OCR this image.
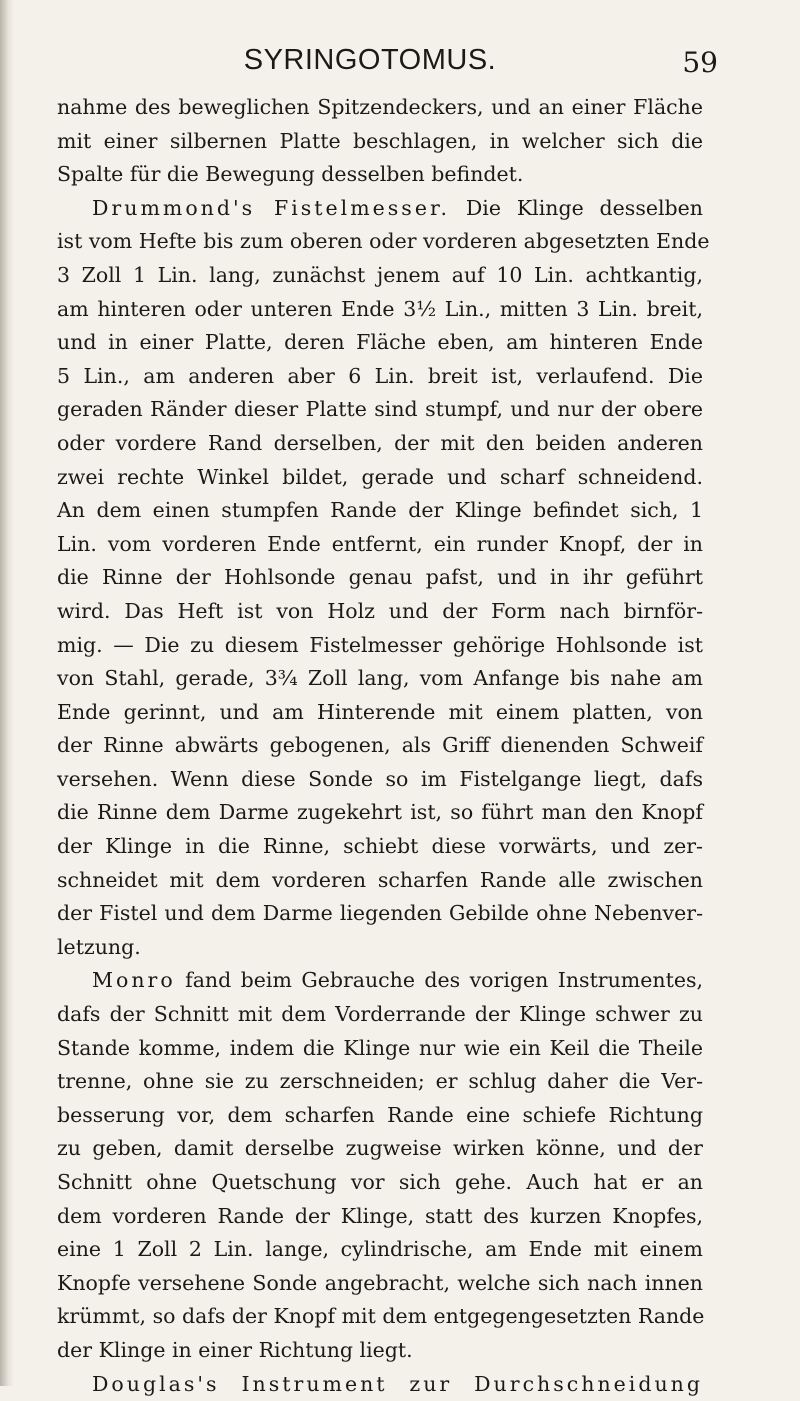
SYRINGOTOMUS.	59
nahme des beweglichen Spitzendeckers, und an einer Fläche
mit einer silbernen Platte beschlagen, in welcher sich die
Spalte für die Bewegung desselben befindet.
Drummond's Fistelmesser. Die Klinge desselben
ist vom Hefte bis zum oberen oder vorderen abgesetzten Ende
3 Zoll 1 Lin. lang, zunächst jenem auf 10 Lin. achtkantig,
am hinteren oder unteren Ende 3½ Lin., mitten 3 Lin. breit,
und in einer Platte, deren Fläche eben, am hinteren Ende
5 Lin., am anderen aber 6 Lin. breit ist, verlaufend. Die
geraden Ränder dieser Platte sind stumpf, und nur der obere
oder vordere Rand derselben, der mit den beiden anderen
zwei rechte Winkel bildet, gerade und scharf schneidend.
An dem einen stumpfen Rande der Klinge befindet sich, 1
Lin. vom vorderen Ende entfernt, ein runder Knopf, der in
die Rinne der Hohlsonde genau pafst, und in ihr geführt
wird. Das Heft ist von Holz und der Form nach birnför-
mig. — Die zu diesem Fistelmesser gehörige Hohlsonde ist
von Stahl, gerade, 3¾ Zoll lang, vom Anfange bis nahe am
Ende gerinnt, und am Hinterende mit einem platten, von
der Rinne abwärts gebogenen, als Griff dienenden Schweif
versehen. Wenn diese Sonde so im Fistelgange liegt, dafs
die Rinne dem Darme zugekehrt ist, so führt man den Knopf
der Klinge in die Rinne, schiebt diese vorwärts, und zer-
schneidet mit dem vorderen scharfen Rande alle zwischen
der Fistel und dem Darme liegenden Gebilde ohne Nebenver-
letzung.
Monro fand beim Gebrauche des vorigen Instrumentes,
dafs der Schnitt mit dem Vorderrande der Klinge schwer zu
Stande komme, indem die Klinge nur wie ein Keil die Theile
trenne, ohne sie zu zerschneiden; er schlug daher die Ver-
besserung vor, dem scharfen Rande eine schiefe Richtung
zu geben, damit derselbe zugweise wirken könne, und der
Schnitt ohne Quetschung vor sich gehe. Auch hat er an
dem vorderen Rande der Klinge, statt des kurzen Knopfes,
eine 1 Zoll 2 Lin. lange, cylindrische, am Ende mit einem
Knopfe versehene Sonde angebracht, welche sich nach innen
krümmt, so dafs der Knopf mit dem entgegengesetzten Rande
der Klinge in einer Richtung liegt.
Douglas's Instrument zur Durchschneidung
